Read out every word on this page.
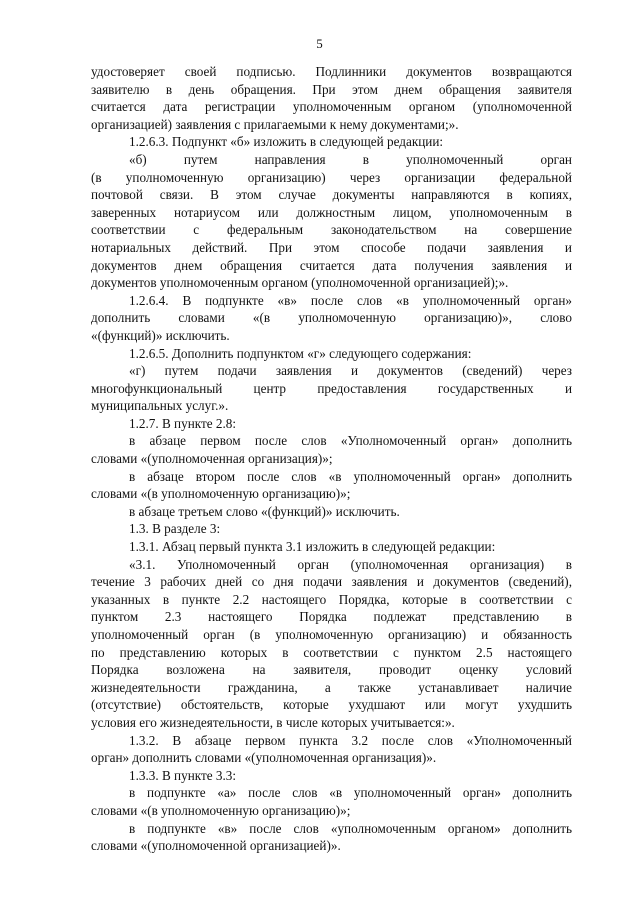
5
удостоверяет своей подписью. Подлинники документов возвращаются
заявителю в день обращения. При этом днем обращения заявителя
считается дата регистрации уполномоченным органом (уполномоченной
организацией) заявления с прилагаемыми к нему документами;».
1.2.6.3. Подпункт «б» изложить в следующей редакции:
«б) путем направления в уполномоченный орган
(в уполномоченную организацию) через организации федеральной
почтовой связи. В этом случае документы направляются в копиях,
заверенных нотариусом или должностным лицом, уполномоченным в
соответствии с федеральным законодательством на совершение
нотариальных действий. При этом способе подачи заявления и
документов днем обращения считается дата получения заявления и
документов уполномоченным органом (уполномоченной организацией);».
1.2.6.4. В подпункте «в» после слов «в уполномоченный орган»
дополнить словами «(в уполномоченную организацию)», слово
«(функций)» исключить.
1.2.6.5. Дополнить подпунктом «г» следующего содержания:
«г) путем подачи заявления и документов (сведений) через
многофункциональный центр предоставления государственных и
муниципальных услуг.».
1.2.7. В пункте 2.8:
в абзаце первом после слов «Уполномоченный орган» дополнить
словами «(уполномоченная организация)»;
в абзаце втором после слов «в уполномоченный орган» дополнить
словами «(в уполномоченную организацию)»;
в абзаце третьем слово «(функций)» исключить.
1.3. В разделе 3:
1.3.1. Абзац первый пункта 3.1 изложить в следующей редакции:
«3.1. Уполномоченный орган (уполномоченная организация) в
течение 3 рабочих дней со дня подачи заявления и документов (сведений),
указанных в пункте 2.2 настоящего Порядка, которые в соответствии с
пунктом 2.3 настоящего Порядка подлежат представлению в
уполномоченный орган (в уполномоченную организацию) и обязанность
по представлению которых в соответствии с пунктом 2.5 настоящего
Порядка возложена на заявителя, проводит оценку условий
жизнедеятельности гражданина, а также устанавливает наличие
(отсутствие) обстоятельств, которые ухудшают или могут ухудшить
условия его жизнедеятельности, в числе которых учитывается:».
1.3.2. В абзаце первом пункта 3.2 после слов «Уполномоченный
орган» дополнить словами «(уполномоченная организация)».
1.3.3. В пункте 3.3:
в подпункте «а» после слов «в уполномоченный орган» дополнить
словами «(в уполномоченную организацию)»;
в подпункте «в» после слов «уполномоченным органом» дополнить
словами «(уполномоченной организацией)».
